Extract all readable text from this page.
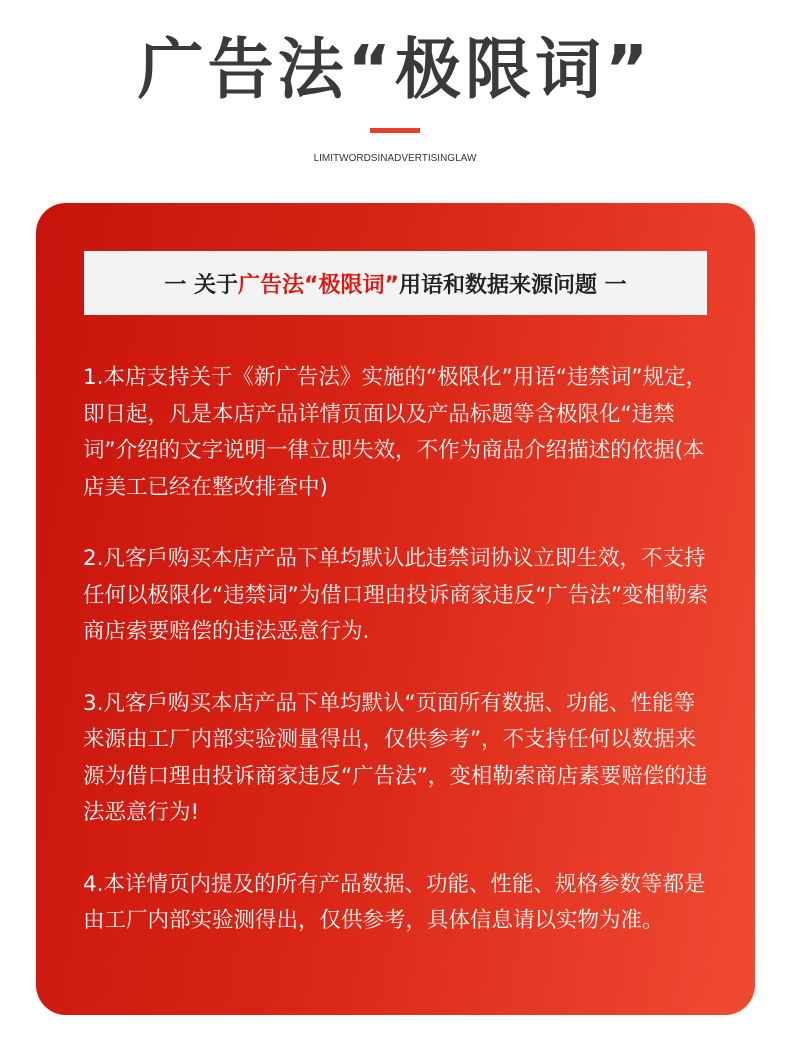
广告法“极限词”
LIMITWORDSINADVERTISINGLAW
一 关于 广告法“极限词” 用语和数据来源问题 一

1.本店支持关于《新广告法》实施的“极限化”用语“违禁词”规定，即日起，凡是本店产品详情页面以及产品标题等含极限化“违禁词”介绍的文字说明一律立即失效，不作为商品介绍描述的依据(本店美工已经在整改排查中)

2.凡客戶购买本店产品下单均默认此违禁词协议立即生效，不支持任何以极限化“违禁词”为借口理由投诉商家违反“广告法”变相勒索商店索要赔偿的违法恶意行为.

3.凡客戶购买本店产品下单均默认“页面所有数据、功能、性能等来源由工厂内部实验测量得出，仅供参考”，不支持任何以数据来源为借口理由投诉商家违反“广告法”，变相勒索商店素要赔偿的违法恶意行为!

4.本详情页内提及的所有产品数据、功能、性能、规格参数等都是由工厂内部实验测得出，仅供参考，具体信息请以实物为准。
